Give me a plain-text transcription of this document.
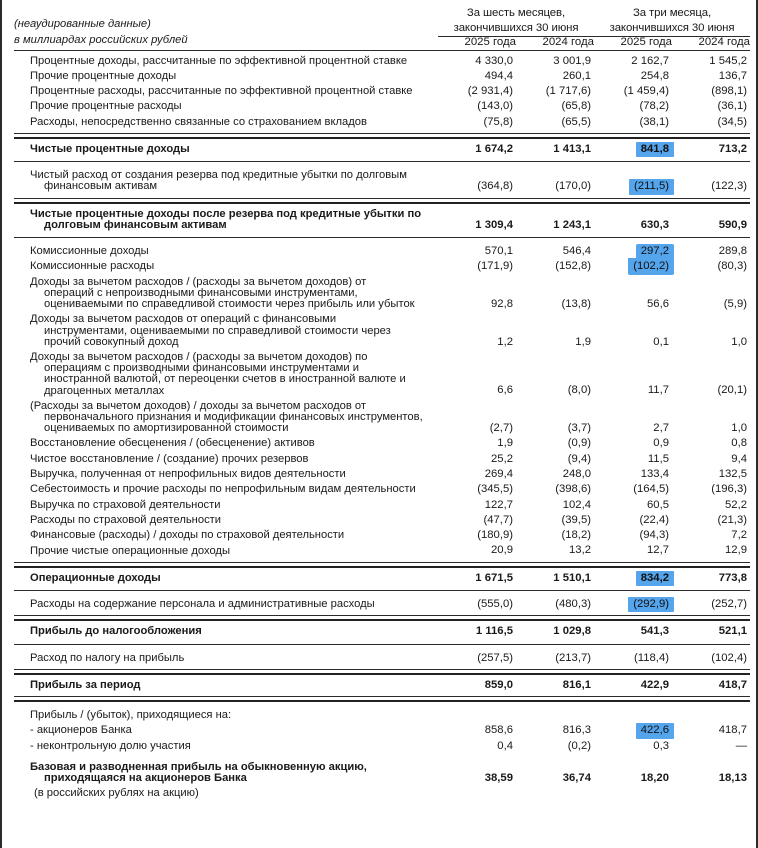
(неаудированные данные)
в миллиардах российских рублей
	За шесть месяцев,
закончившихся 30 июня	За три месяца,
закончившихся 30 июня
	2025 года	2024 года	2025 года	2024 года

Процентные доходы, рассчитанные по эффективной процентной ставке	4 330,0	3 001,9	2 162,7	1 545,2

Прочие процентные доходы	494,4	260,1	254,8	136,7

Процентные расходы, рассчитанные по эффективной процентной ставке	(2 931,4)	(1 717,6)	(1 459,4)	(898,1)

Прочие процентные расходы	(143,0)	(65,8)	(78,2)	(36,1)

Расходы, непосредственно связанные со страхованием вкладов	(75,8)	(65,5)	(38,1)	(34,5)

Чистые процентные доходы	1 674,2	1 413,1	841,8	713,2

Чистый расход от создания резерва под кредитные убытки по долговым
финансовым активам	(364,8)	(170,0)	(211,5)	(122,3)

Чистые процентные доходы после резерва под кредитные убытки по
долговым финансовым активам	1 309,4	1 243,1	630,3	590,9

Комиссионные доходы	570,1	546,4	297,2	289,8

Комиссионные расходы	(171,9)	(152,8)	(102,2)	(80,3)

Доходы за вычетом расходов / (расходы за вычетом доходов) от
операций с непроизводными финансовыми инструментами,
оцениваемыми по справедливой стоимости через прибыль или убыток	92,8	(13,8)	56,6	(5,9)

Доходы за вычетом расходов от операций с финансовыми
инструментами, оцениваемыми по справедливой стоимости через
прочий совокупный доход	1,2	1,9	0,1	1,0

Доходы за вычетом расходов / (расходы за вычетом доходов) по
операциям с производными финансовыми инструментами и
иностранной валютой, от переоценки счетов в иностранной валюте и
драгоценных металлах	6,6	(8,0)	11,7	(20,1)

(Расходы за вычетом доходов) / доходы за вычетом расходов от
первоначального признания и модификации финансовых инструментов,
оцениваемых по амортизированной стоимости	(2,7)	(3,7)	2,7	1,0

Восстановление обесценения / (обесценение) активов	1,9	(0,9)	0,9	0,8

Чистое восстановление / (создание) прочих резервов	25,2	(9,4)	11,5	9,4

Выручка, полученная от непрофильных видов деятельности	269,4	248,0	133,4	132,5

Себестоимость и прочие расходы по непрофильным видам деятельности	(345,5)	(398,6)	(164,5)	(196,3)

Выручка по страховой деятельности	122,7	102,4	60,5	52,2

Расходы по страховой деятельности	(47,7)	(39,5)	(22,4)	(21,3)

Финансовые (расходы) / доходы по страховой деятельности	(180,9)	(18,2)	(94,3)	7,2

Прочие чистые операционные доходы	20,9	13,2	12,7	12,9

Операционные доходы	1 671,5	1 510,1	834,2	773,8

Расходы на содержание персонала и административные расходы	(555,0)	(480,3)	(292,9)	(252,7)

Прибыль до налогообложения	1 116,5	1 029,8	541,3	521,1

Расход по налогу на прибыль	(257,5)	(213,7)	(118,4)	(102,4)

Прибыль за период	859,0	816,1	422,9	418,7

Прибыль / (убыток), приходящиеся на:				

- акционеров Банка	858,6	816,3	422,6	418,7

- неконтрольную долю участия	0,4	(0,2)	0,3	—

Базовая и разводненная прибыль на обыкновенную акцию,
приходящаяся на акционеров Банка	38,59	36,74	18,20	18,13

(в российских рублях на акцию)				
